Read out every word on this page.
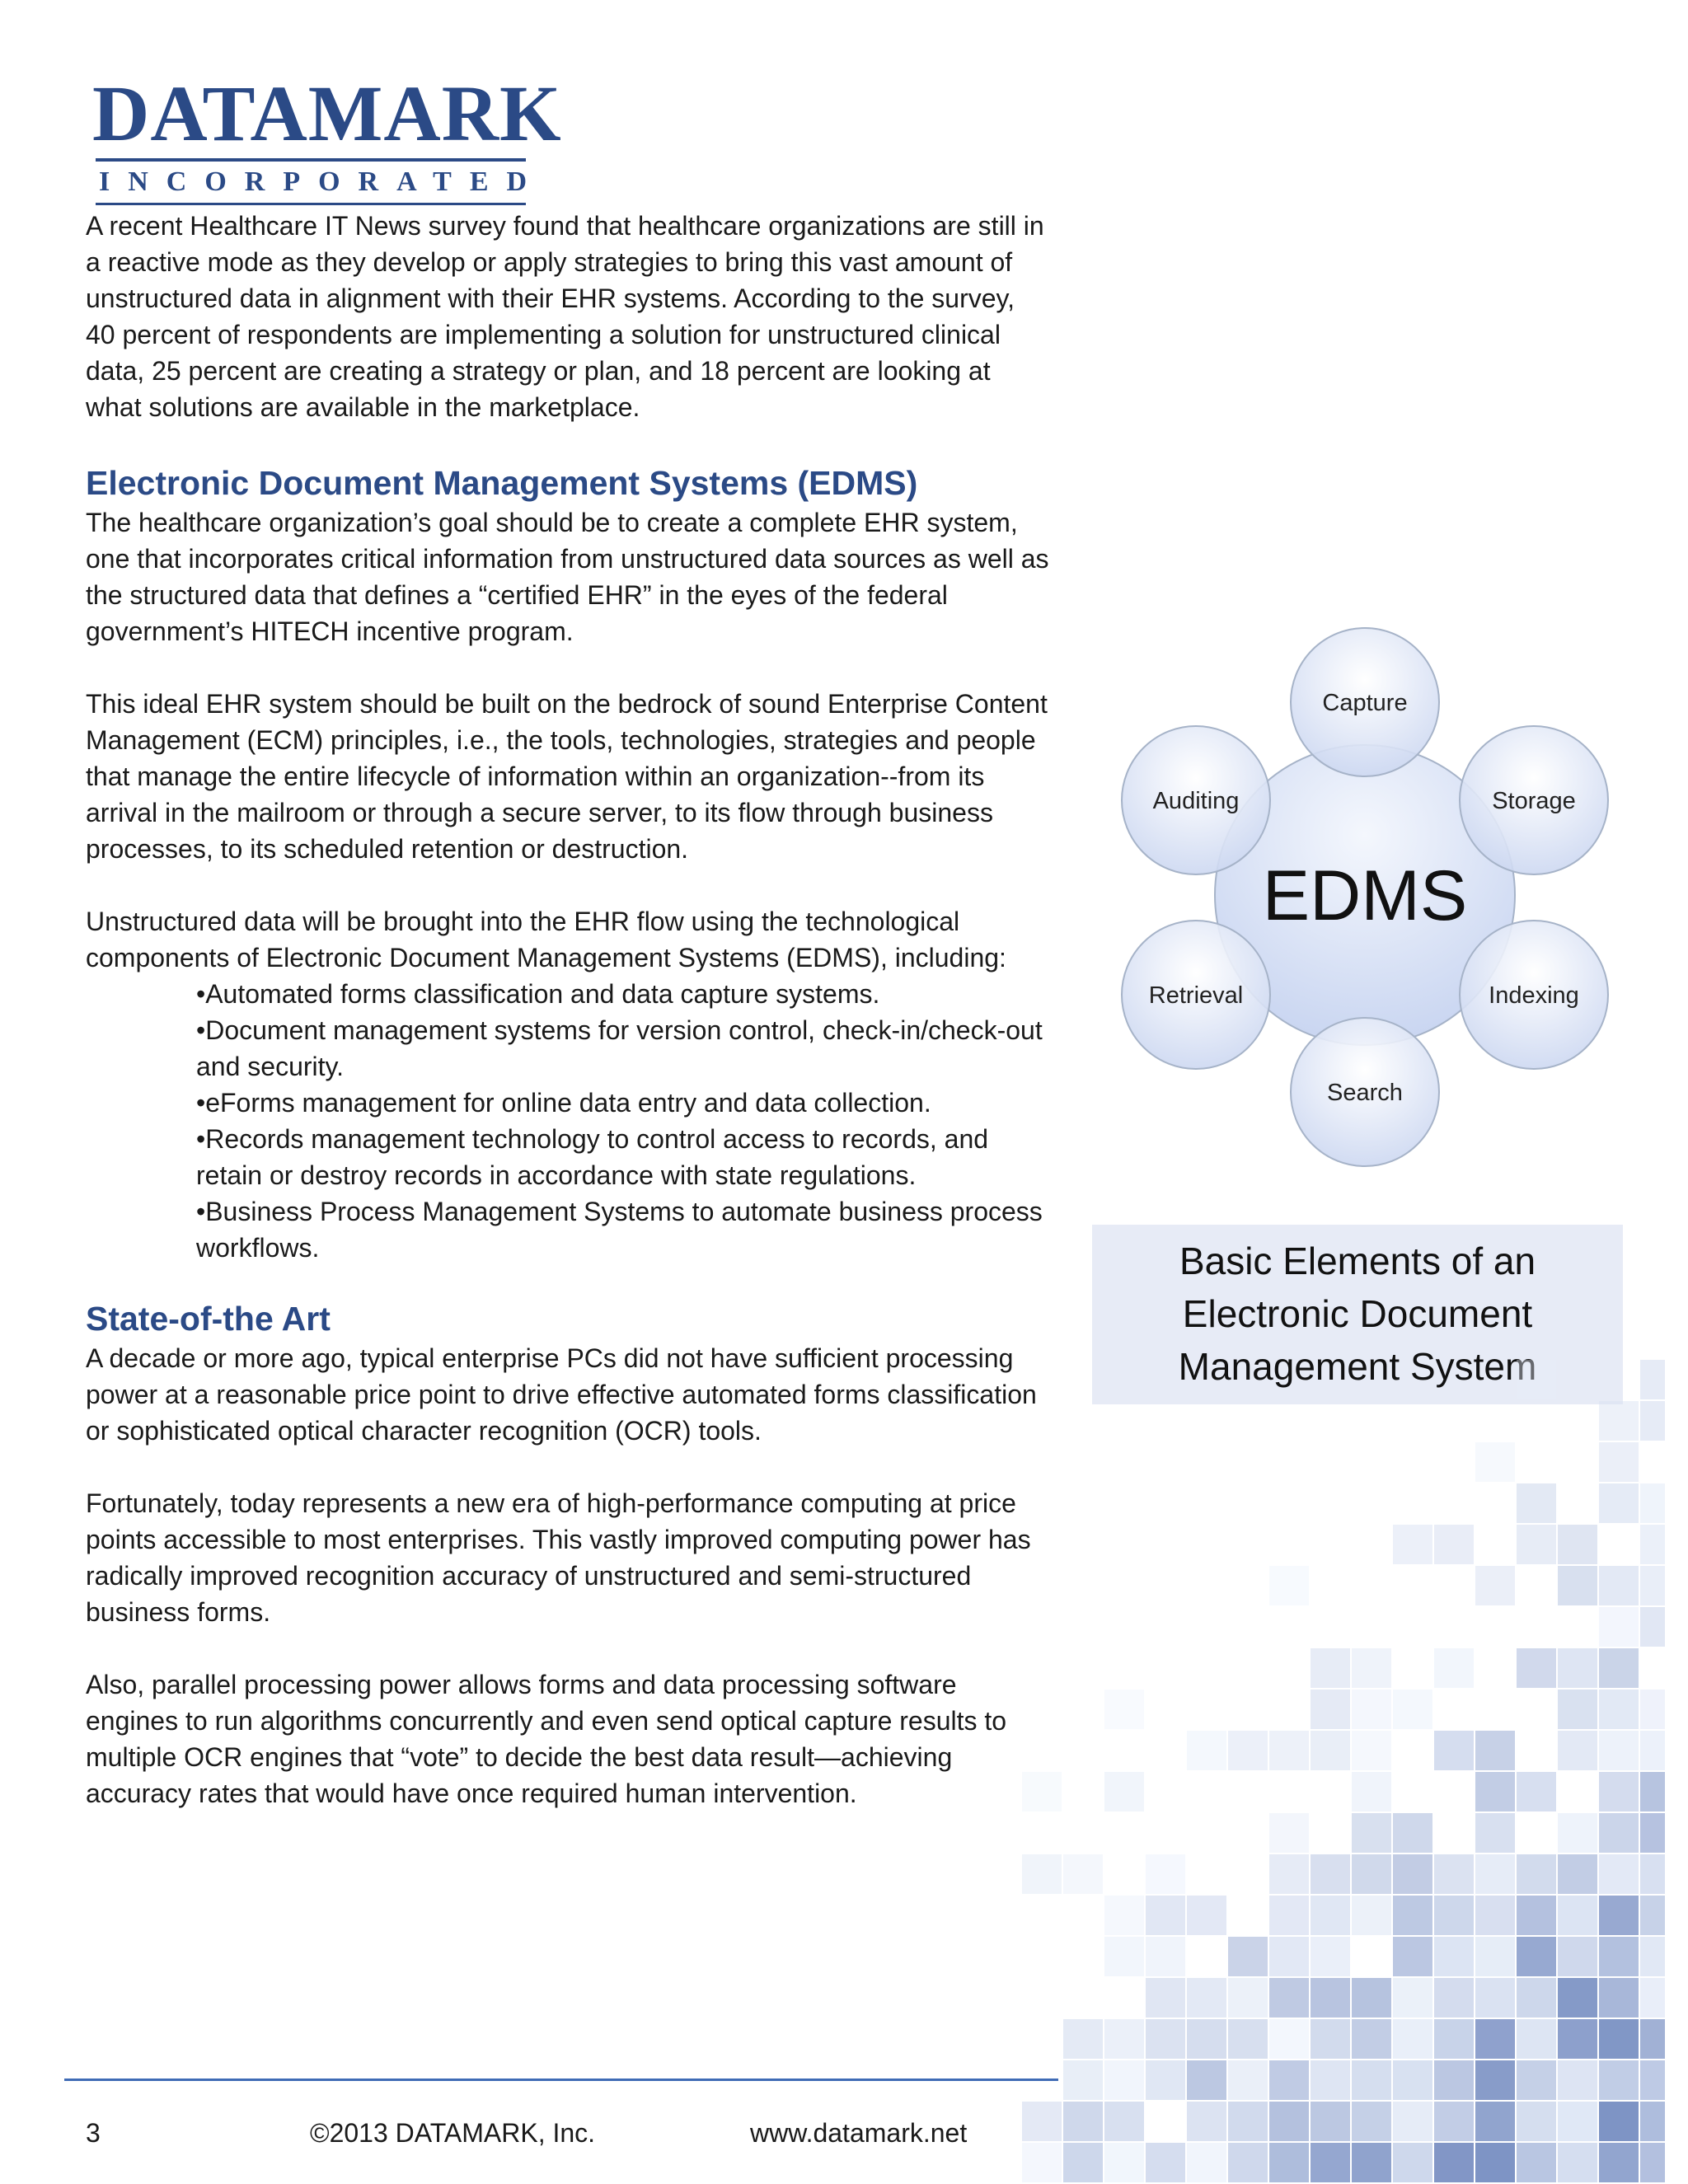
DATAMARK
INCORPORATED

A recent Healthcare IT News survey found that healthcare organizations are still in a reactive mode as they develop or apply strategies to bring this vast amount of unstructured data in alignment with their EHR systems. According to the survey, 40 percent of respondents are implementing a solution for unstructured clinical data, 25 percent are creating a strategy or plan, and 18 percent are looking at what solutions are available in the marketplace.

Electronic Document Management Systems (EDMS)

The healthcare organization’s goal should be to create a complete EHR system, one that incorporates critical information from unstructured data sources as well as the structured data that defines a “certified EHR” in the eyes of the federal government’s HITECH incentive program.

This ideal EHR system should be built on the bedrock of sound Enterprise Content Management (ECM) principles, i.e., the tools, technologies, strategies and people that manage the entire lifecycle of information within an organization--from its arrival in the mailroom or through a secure server, to its flow through business processes, to its scheduled retention or destruction.

Unstructured data will be brought into the EHR flow using the technological components of Electronic Document Management Systems (EDMS), including:

•Automated forms classification and data capture systems.
•Document management systems for version control, check-in/check-out and security.
•eForms management for online data entry and data collection.
•Records management technology to control access to records, and retain or destroy records in accordance with state regulations.
•Business Process Management Systems to automate business process workflows.
State-of-the Art

A decade or more ago, typical enterprise PCs did not have sufficient processing power at a reasonable price point to drive effective automated forms classification or sophisticated optical character recognition (OCR) tools.

Fortunately, today represents a new era of high-performance computing at price points accessible to most enterprises. This vastly improved computing power has radically improved recognition accuracy of unstructured and semi-structured business forms.

Also, parallel processing power allows forms and data processing software engines to run algorithms concurrently and even send optical capture results to multiple OCR engines that “vote” to decide the best data result—achieving accuracy rates that would have once required human intervention.

EDMS
Capture
Storage
Indexing
Search
Retrieval
Auditing
Basic Elements of an
Electronic Document
Management System
3	©2013 DATAMARK, Inc.	www.datamark.net
